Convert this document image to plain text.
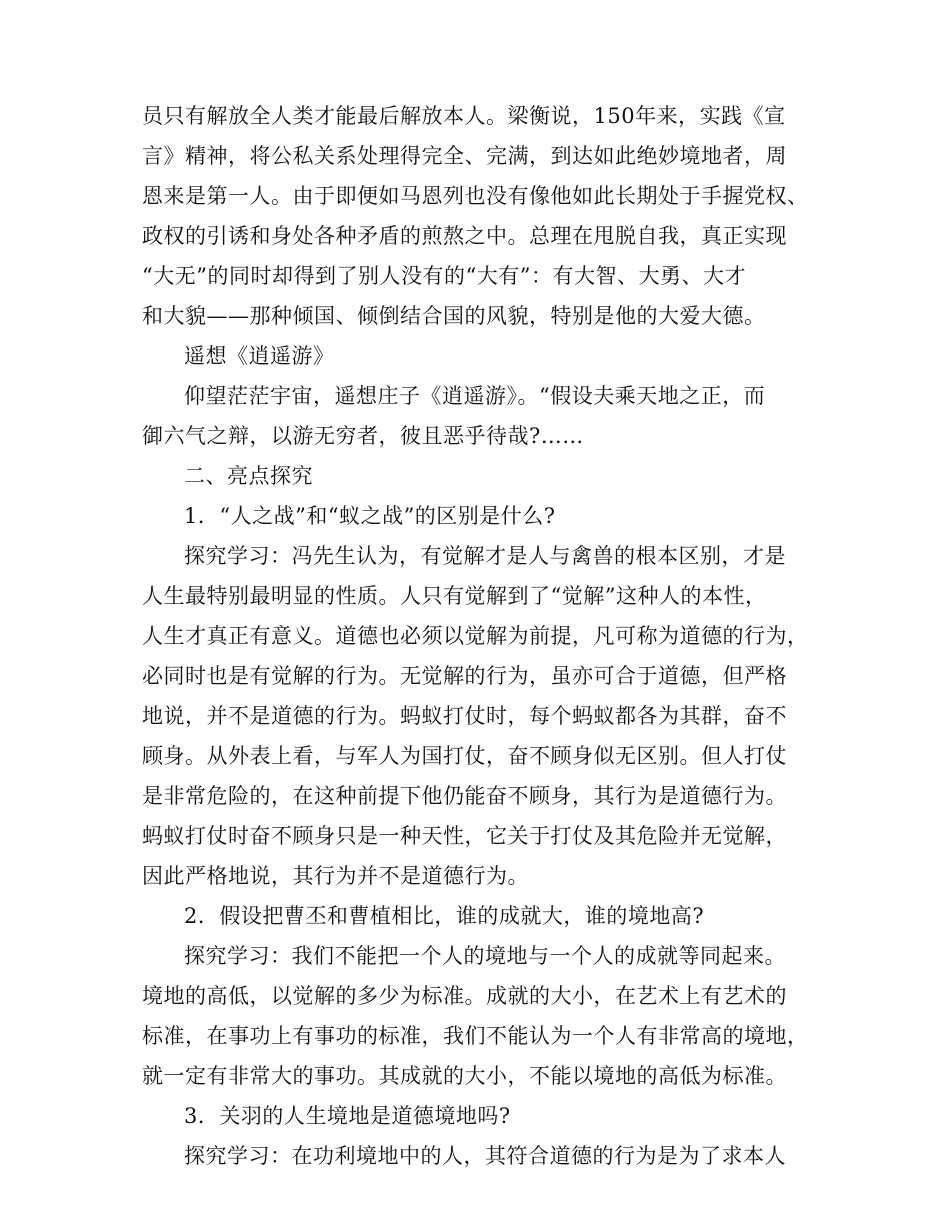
员只有解放全人类才能最后解放本人。梁衡说，150年来，实践《宣
言》精神，将公私关系处理得完全、完满，到达如此绝妙境地者，周
恩来是第一人。由于即便如马恩列也没有像他如此长期处于手握党权、
政权的引诱和身处各种矛盾的煎熬之中。总理在甩脱自我，真正实现
“大无”的同时却得到了别人没有的“大有”：有大智、大勇、大才
和大貌——那种倾国、倾倒结合国的风貌，特别是他的大爱大德。
遥想《逍遥游》
仰望茫茫宇宙，遥想庄子《逍遥游》。“假设夫乘天地之正，而
御六气之辩，以游无穷者，彼且恶乎待哉?……
二、亮点探究
1．“人之战”和“蚁之战”的区别是什么?
探究学习：冯先生认为，有觉解才是人与禽兽的根本区别，才是
人生最特别最明显的性质。人只有觉解到了“觉解”这种人的本性，
人生才真正有意义。道德也必须以觉解为前提，凡可称为道德的行为，
必同时也是有觉解的行为。无觉解的行为，虽亦可合于道德，但严格
地说，并不是道德的行为。蚂蚁打仗时，每个蚂蚁都各为其群，奋不
顾身。从外表上看，与军人为国打仗，奋不顾身似无区别。但人打仗
是非常危险的，在这种前提下他仍能奋不顾身，其行为是道德行为。
蚂蚁打仗时奋不顾身只是一种天性，它关于打仗及其危险并无觉解，
因此严格地说，其行为并不是道德行为。
2．假设把曹丕和曹植相比，谁的成就大，谁的境地高?
探究学习：我们不能把一个人的境地与一个人的成就等同起来。
境地的高低，以觉解的多少为标准。成就的大小，在艺术上有艺术的
标准，在事功上有事功的标准，我们不能认为一个人有非常高的境地，
就一定有非常大的事功。其成就的大小，不能以境地的高低为标准。
3．关羽的人生境地是道德境地吗?
探究学习：在功利境地中的人，其符合道德的行为是为了求本人
